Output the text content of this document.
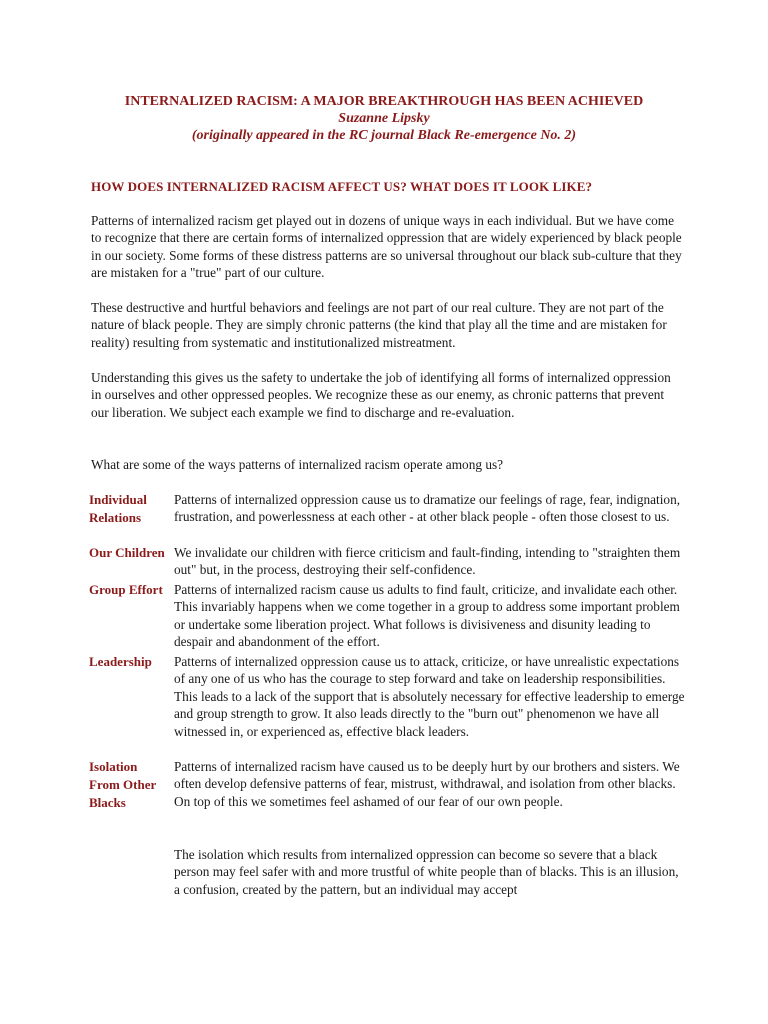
INTERNALIZED RACISM: A MAJOR BREAKTHROUGH HAS BEEN ACHIEVED
Suzanne Lipsky
(originally appeared in the RC journal Black Re-emergence No. 2)
HOW DOES INTERNALIZED RACISM AFFECT US? WHAT DOES IT LOOK LIKE?

Patterns of internalized racism get played out in dozens of unique ways in each individual. But we have come to recognize that there are certain forms of internalized oppression that are widely experienced by black people in our society. Some forms of these distress patterns are so universal throughout our black sub-culture that they are mistaken for a "true" part of our culture.

These destructive and hurtful behaviors and feelings are not part of our real culture. They are not part of the nature of black people. They are simply chronic patterns (the kind that play all the time and are mistaken for reality) resulting from systematic and institutionalized mistreatment.

Understanding this gives us the safety to undertake the job of identifying all forms of internalized oppression in ourselves and other oppressed peoples. We recognize these as our enemy, as chronic patterns that prevent our liberation. We subject each example we find to discharge and re-evaluation.

What are some of the ways patterns of internalized racism operate among us?

Individual Relations

Patterns of internalized oppression cause us to dramatize our feelings of rage, fear, indignation, frustration, and powerlessness at each other - at other black people - often those closest to us.

Our Children We invalidate our children with fierce criticism and fault-finding, intending to "straighten them out" but, in the process, destroying their self-confidence.

Group Effort Patterns of internalized racism cause us adults to find fault, criticize, and invalidate each other. This invariably happens when we come together in a group to address some important problem or undertake some liberation project. What follows is divisiveness and disunity leading to despair and abandonment of the effort.

Leadership	Patterns of internalized oppression cause us to attack, criticize, or have unrealistic expectations of any one of us who has the courage to step forward and take on leadership responsibilities. This leads to a lack of the support that is absolutely necessary for effective leadership to emerge and group strength to grow. It also leads directly to the "burn out" phenomenon we have all witnessed in, or experienced as, effective black leaders.

Isolation From Other Blacks

Patterns of internalized racism have caused us to be deeply hurt by our brothers and sisters. We often develop defensive patterns of fear, mistrust, withdrawal, and isolation from other blacks. On top of this we sometimes feel ashamed of our fear of our own people.

The isolation which results from internalized oppression can become so severe that a black person may feel safer with and more trustful of white people than of blacks. This is an illusion, a confusion, created by the pattern, but an individual may accept
